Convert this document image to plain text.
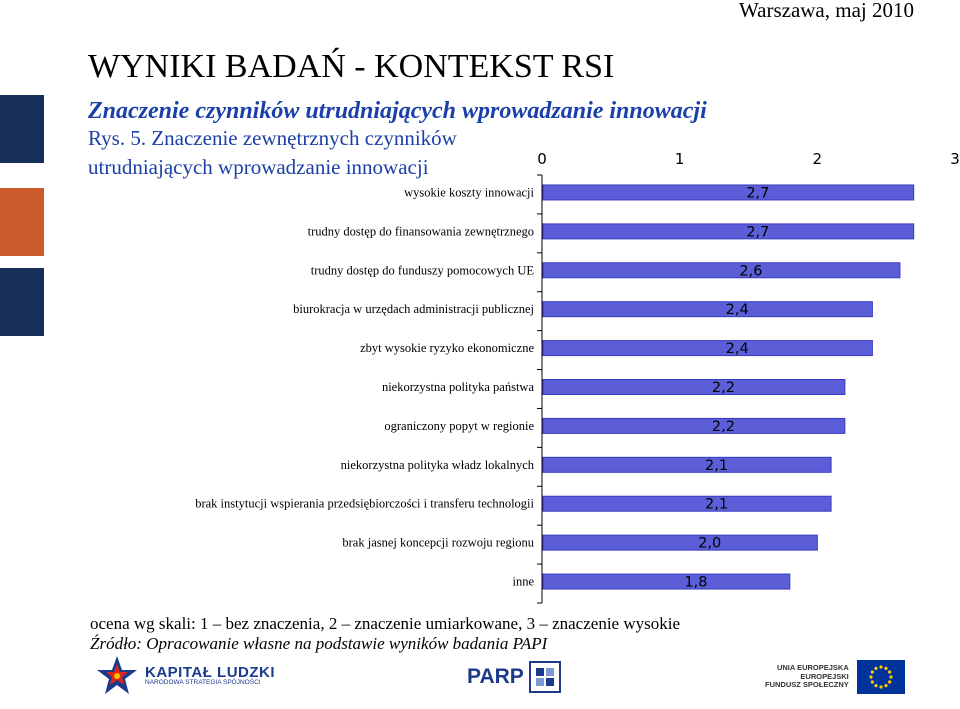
Warszawa, maj 2010
WYNIKI BADAŃ - KONTEKST RSI
Znaczenie czynników utrudniających wprowadzanie innowacji
Rys. 5. Znaczenie zewnętrznych czynników utrudniających wprowadzanie innowacji	0	1	2	3
wysokie koszty innowacji	2,7
trudny dostęp do finansowania zewnętrznego	2,7
trudny dostęp do funduszy pomocowych UE	2,6
biurokracja w urzędach administracji publicznej	2,4
zbyt wysokie ryzyko ekonomiczne	2,4
niekorzystna polityka państwa	2,2
ograniczony popyt w regionie	2,2
niekorzystna polityka władz lokalnych	2,1
brak instytucji wspierania przedsiębiorczości i transferu technologii	2,1
brak jasnej koncepcji rozwoju regionu	2,0
inne	1,8
ocena wg skali: 1 – bez znaczenia, 2 – znaczenie umiarkowane, 3 – znaczenie wysokie
Źródło: Opracowanie własne na podstawie wyników badania PAPI
KAPITAŁ LUDZKI
NARODOWA STRATEGIA SPÓJNOŚCI	PARP	UNIA EUROPEJSKA
EUROPEJSKI
FUNDUSZ SPOŁECZNY
